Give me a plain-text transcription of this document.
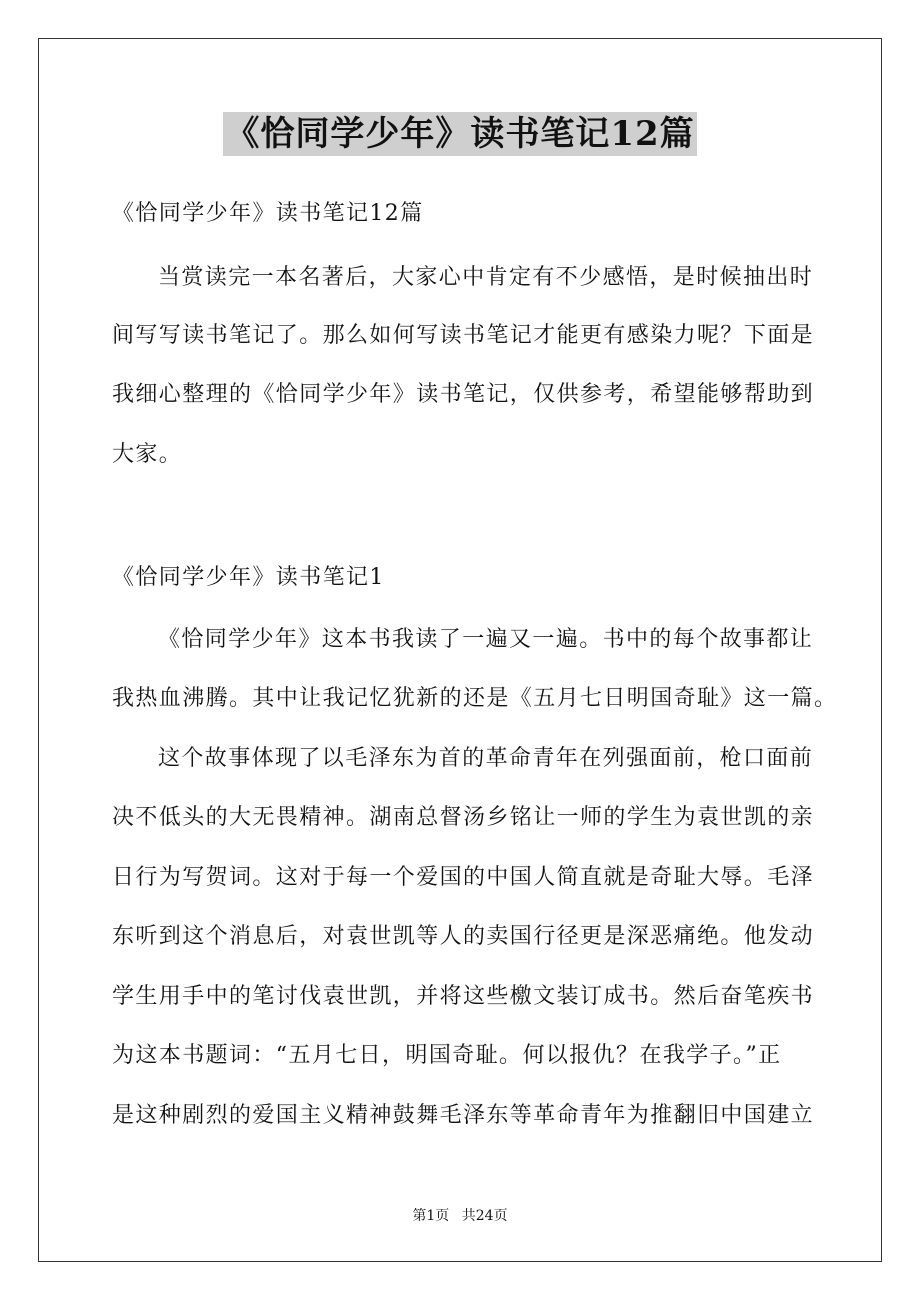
《恰同学少年》读书笔记12篇
《恰同学少年》读书笔记12篇
当赏读完一本名著后，大家心中肯定有不少感悟，是时候抽出时
间写写读书笔记了。那么如何写读书笔记才能更有感染力呢？下面是
我细心整理的《恰同学少年》读书笔记，仅供参考，希望能够帮助到
大家。
《恰同学少年》读书笔记1
《恰同学少年》这本书我读了一遍又一遍。书中的每个故事都让
我热血沸腾。其中让我记忆犹新的还是《五月七日明国奇耻》这一篇。
这个故事体现了以毛泽东为首的革命青年在列强面前，枪口面前
决不低头的大无畏精神。湖南总督汤乡铭让一师的学生为袁世凯的亲
日行为写贺词。这对于每一个爱国的中国人简直就是奇耻大辱。毛泽
东听到这个消息后，对袁世凯等人的卖国行径更是深恶痛绝。他发动
学生用手中的笔讨伐袁世凯，并将这些檄文装订成书。然后奋笔疾书
为这本书题词：“五月七日，明国奇耻。何以报仇？在我学子。”正
是这种剧烈的爱国主义精神鼓舞毛泽东等革命青年为推翻旧中国建立
第1页 共24页
